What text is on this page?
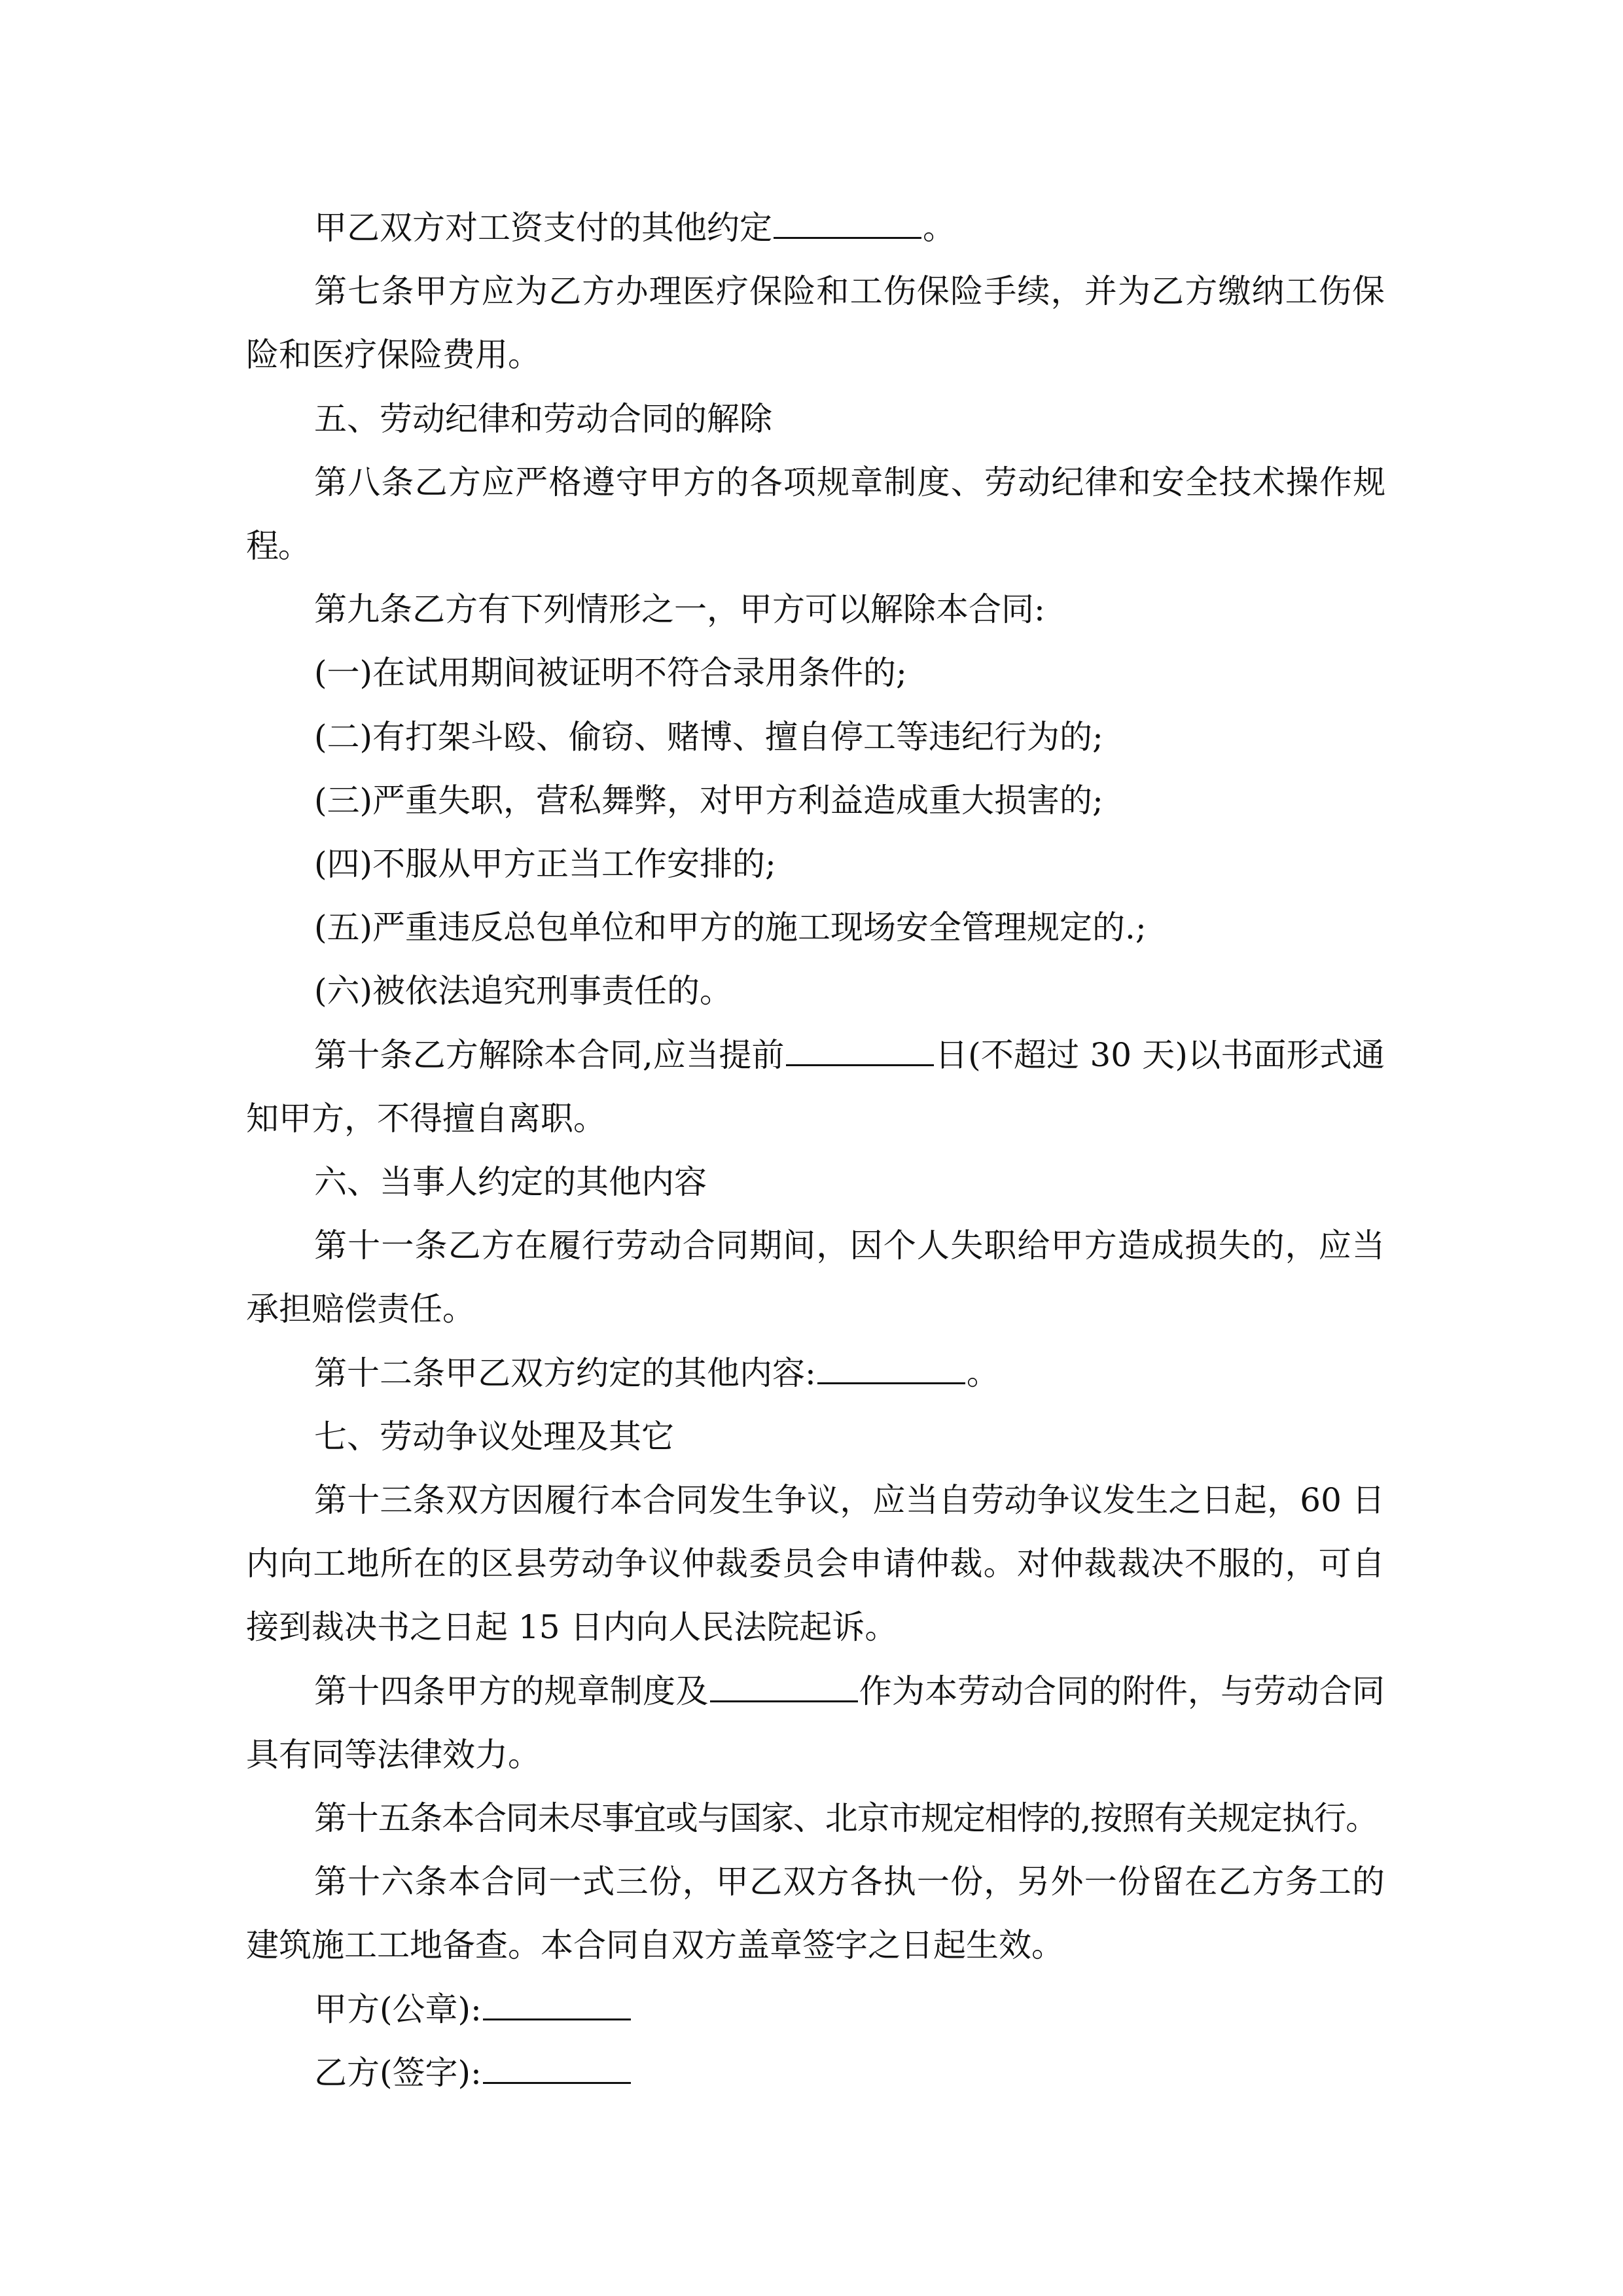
甲乙双方对工资支付的其他约定	。

第七条甲方应为乙方办理医疗保险和工伤保险手续，并为乙方缴纳工伤保险和医疗保险费用。

五、劳动纪律和劳动合同的解除

第八条乙方应严格遵守甲方的各项规章制度、劳动纪律和安全技术操作规程。

第九条乙方有下列情形之一，甲方可以解除本合同:

(一)在试用期间被证明不符合录用条件的;

(二)有打架斗殴、偷窃、赌博、擅自停工等违纪行为的;

(三)严重失职，营私舞弊，对甲方利益造成重大损害的;

(四)不服从甲方正当工作安排的;

(五)严重违反总包单位和甲方的施工现场安全管理规定的.;

(六)被依法追究刑事责任的。

第十条乙方解除本合同,应当提前	日(不超过 30 天)以书面形式通知甲方，不得擅自离职。

六、当事人约定的其他内容

第十一条乙方在履行劳动合同期间，因个人失职给甲方造成损失的，应当承担赔偿责任。

第十二条甲乙双方约定的其他内容:	。

七、劳动争议处理及其它

第十三条双方因履行本合同发生争议，应当自劳动争议发生之日起，60 日内向工地所在的区县劳动争议仲裁委员会申请仲裁。对仲裁裁决不服的，可自接到裁决书之日起 15 日内向人民法院起诉。

第十四条甲方的规章制度及	作为本劳动合同的附件，与劳动合同具有同等法律效力。

第十五条本合同未尽事宜或与国家、北京市规定相悖的,按照有关规定执行。

第十六条本合同一式三份，甲乙双方各执一份，另外一份留在乙方务工的建筑施工工地备查。本合同自双方盖章签字之日起生效。

甲方(公章):

乙方(签字):
